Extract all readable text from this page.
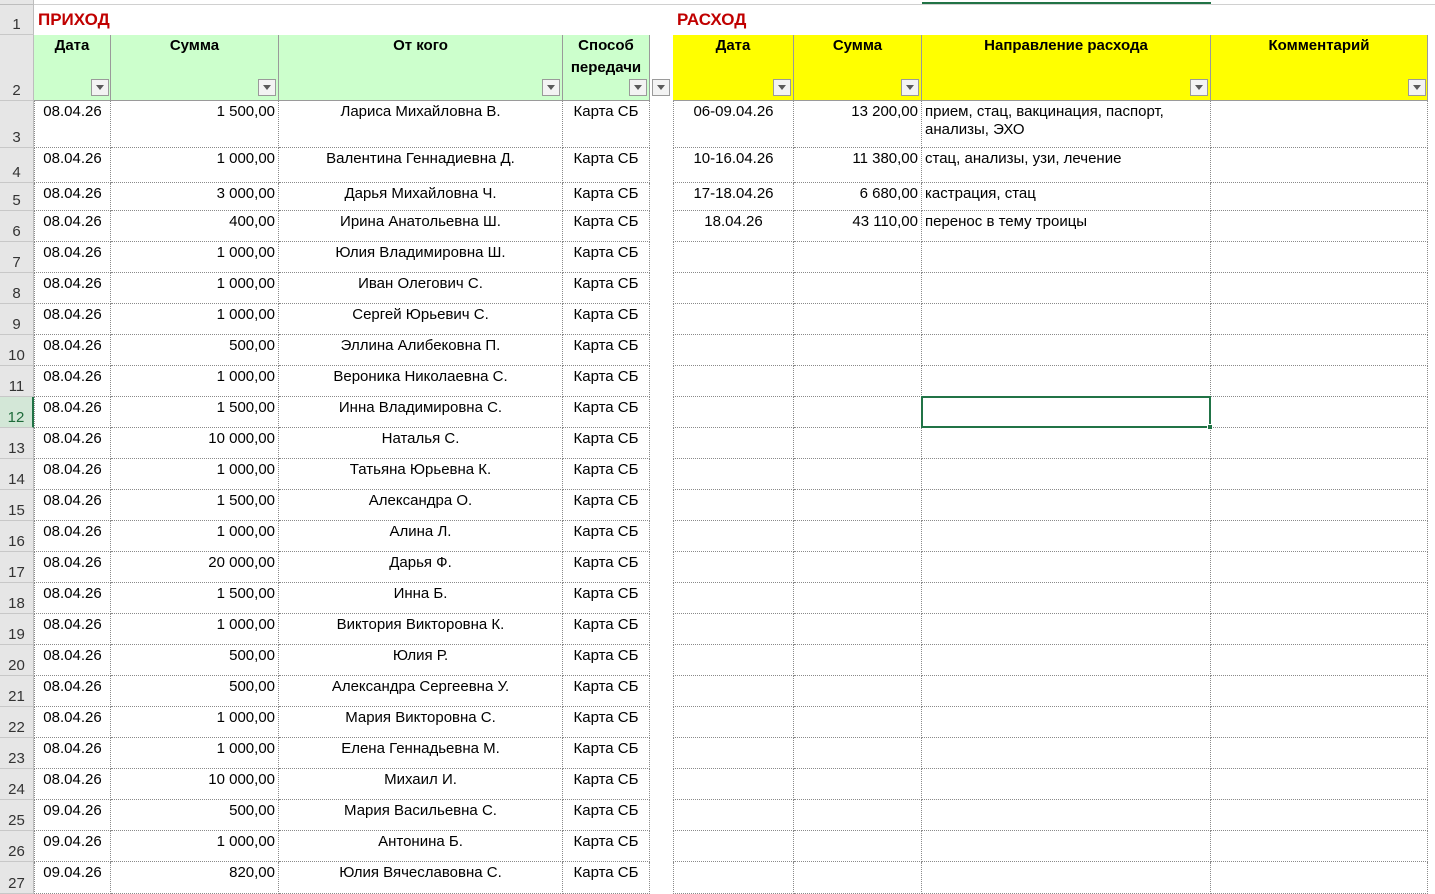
1
2
3
4
5
6
7
8
9
10
11
12
13
14
15
16
17
18
19
20
21
22
23
24
25
26
27
ПРИХОД	РАСХОД
Дата	Сумма	От кого	Способ передачи
Дата	Сумма	Направление расхода	Комментарий
08.04.26	1 500,00	Лариса Михайловна В.	Карта СБ
08.04.26	1 000,00	Валентина Геннадиевна Д.	Карта СБ
08.04.26	3 000,00	Дарья Михайловна Ч.	Карта СБ
08.04.26	400,00	Ирина Анатольевна Ш.	Карта СБ
08.04.26	1 000,00	Юлия Владимировна Ш.	Карта СБ
08.04.26	1 000,00	Иван Олегович С.	Карта СБ
08.04.26	1 000,00	Сергей Юрьевич С.	Карта СБ
08.04.26	500,00	Эллина Алибековна П.	Карта СБ
08.04.26	1 000,00	Вероника Николаевна С.	Карта СБ
08.04.26	1 500,00	Инна Владимировна С.	Карта СБ
08.04.26	10 000,00	Наталья С.	Карта СБ
08.04.26	1 000,00	Татьяна Юрьевна К.	Карта СБ
08.04.26	1 500,00	Александра О.	Карта СБ
08.04.26	1 000,00	Алина Л.	Карта СБ
08.04.26	20 000,00	Дарья Ф.	Карта СБ
08.04.26	1 500,00	Инна Б.	Карта СБ
08.04.26	1 000,00	Виктория Викторовна К.	Карта СБ
08.04.26	500,00	Юлия Р.	Карта СБ
08.04.26	500,00	Александра Сергеевна У.	Карта СБ
08.04.26	1 000,00	Мария Викторовна С.	Карта СБ
08.04.26	1 000,00	Елена Геннадьевна М.	Карта СБ
08.04.26	10 000,00	Михаил И.	Карта СБ
09.04.26	500,00	Мария Васильевна С.	Карта СБ
09.04.26	1 000,00	Антонина Б.	Карта СБ
09.04.26	820,00	Юлия Вячеславовна С.	Карта СБ
06-09.04.26	13 200,00 прием, стац, вакцинация, паспорт, анализы, ЭХО
10-16.04.26	11 380,00 стац, анализы, узи, лечение
17-18.04.26	6 680,00 кастрация, стац
18.04.26	43 110,00 перенос в тему троицы
